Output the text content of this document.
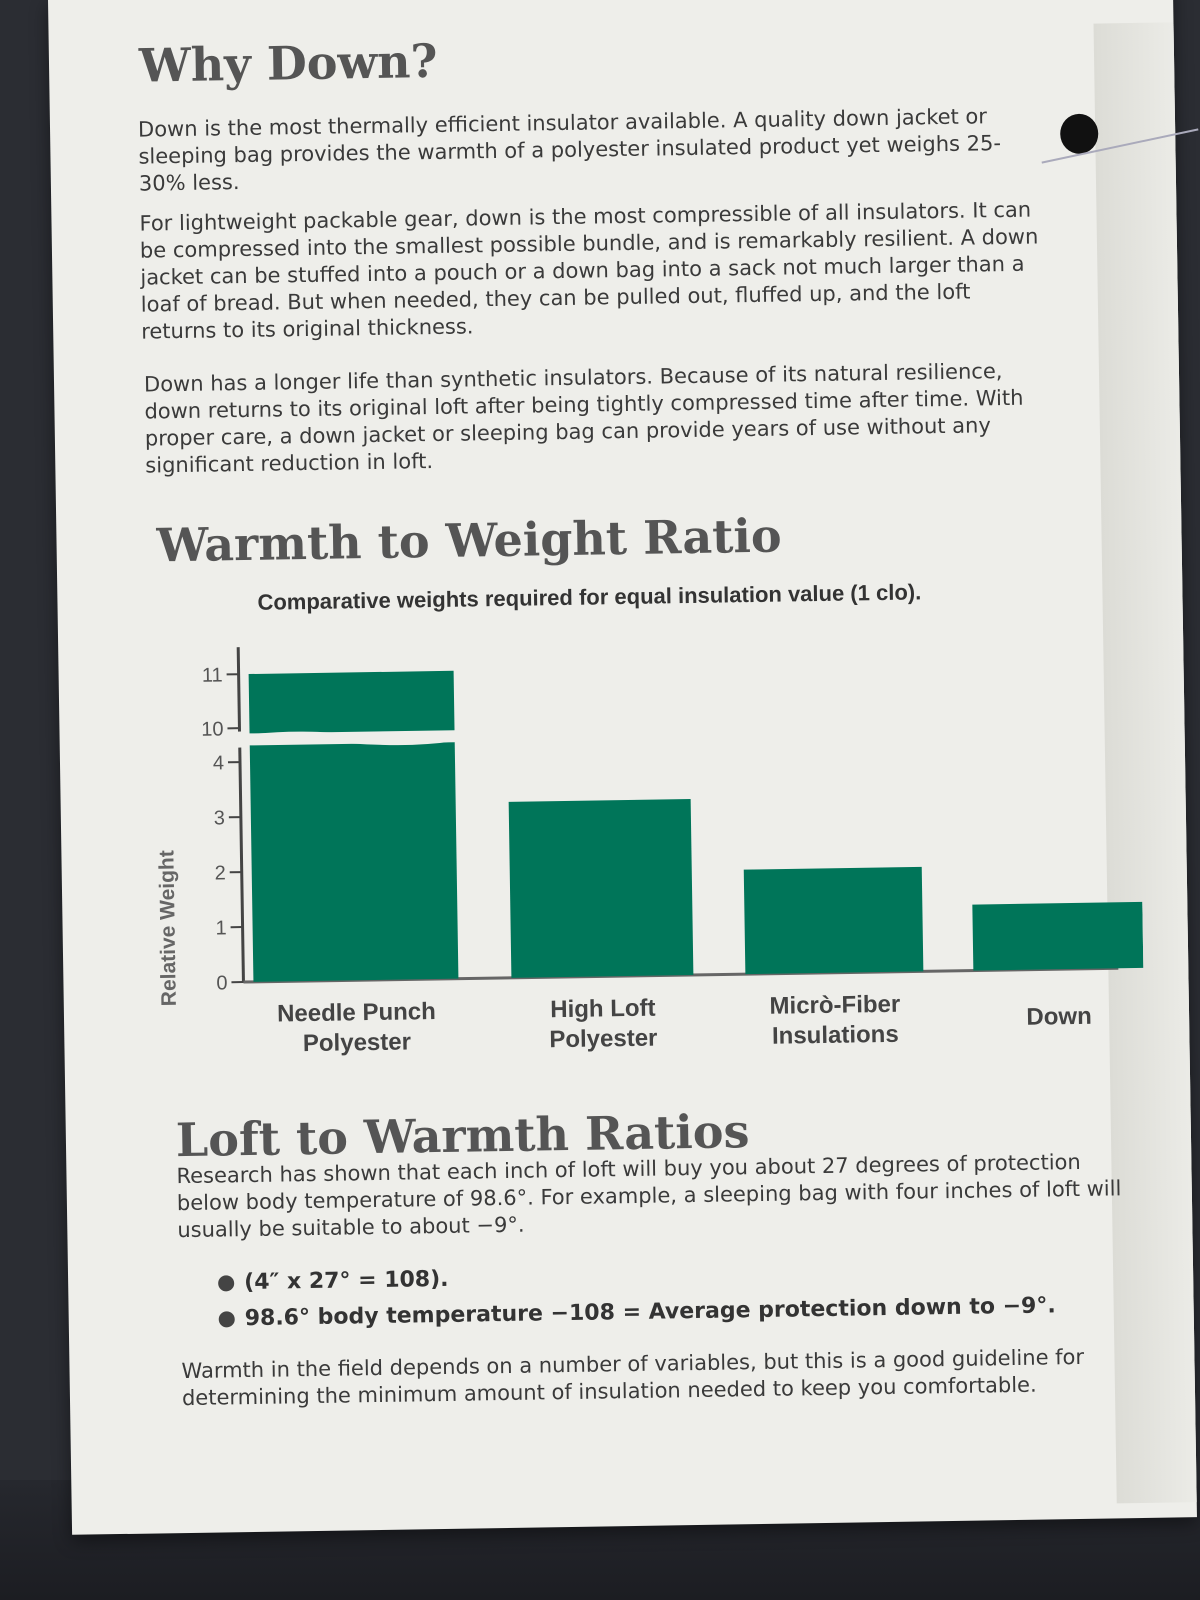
Why Down?

Down is the most thermally efficient insulator available. A quality down jacket or sleeping bag provides the warmth of a polyester insulated product yet weighs 25-30% less.

For lightweight packable gear, down is the most compressible of all insulators. It can be compressed into the smallest possible bundle, and is remarkably resilient. A down jacket can be stuffed into a pouch or a down bag into a sack not much larger than a loaf of bread. But when needed, they can be pulled out, fluffed up, and the loft returns to its original thickness.

Down has a longer life than synthetic insulators. Because of its natural resilience, down returns to its original loft after being tightly compressed time after time. With proper care, a down jacket or sleeping bag can provide years of use without any significant reduction in loft.

Warmth to Weight Ratio
Comparative weights required for equal insulation value (1 clo).
Relative Weight 0
1
2
3
4
10
11
Needle Punch
Polyester
High Loft
Polyester
Micrò-Fiber
Insulations
Down
Loft to Warmth Ratios

Research has shown that each inch of loft will buy you about 27 degrees of protection below body temperature of 98.6°. For example, a sleeping bag with four inches of loft will usually be suitable to about −9°.

(4″ x 27° = 108).
98.6° body temperature −108 = Average protection down to −9°.

Warmth in the field depends on a number of variables, but this is a good guideline for determining the minimum amount of insulation needed to keep you comfortable.
